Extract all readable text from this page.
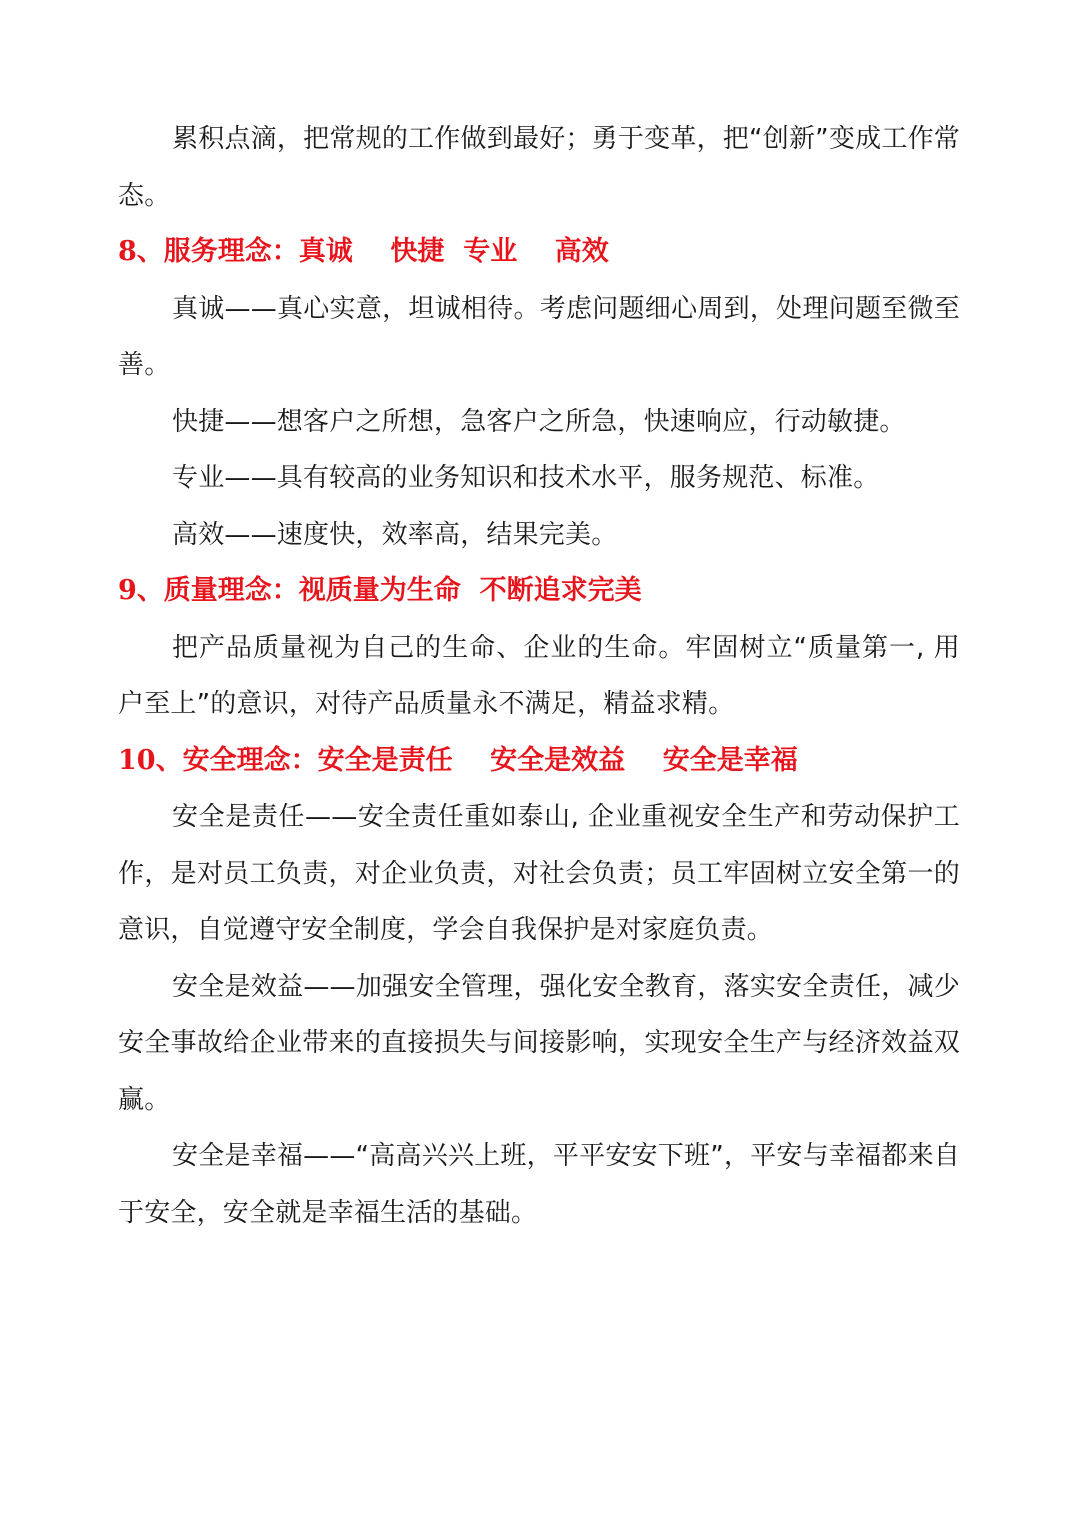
累积点滴，把常规的工作做到最好；勇于变革，把“创新”变成工作常态。

8、服务理念：真诚    快捷  专业    高效

真诚——真心实意，坦诚相待。考虑问题细心周到，处理问题至微至善。

快捷——想客户之所想，急客户之所急，快速响应，行动敏捷。

专业——具有较高的业务知识和技术水平，服务规范、标准。

高效——速度快，效率高，结果完美。

9、质量理念：视质量为生命  不断追求完美

把产品质量视为自己的生命、企业的生命。牢固树立“质量第一, 用户至上”的意识，对待产品质量永不满足，精益求精。

10、安全理念：安全是责任    安全是效益    安全是幸福

安全是责任——安全责任重如泰山, 企业重视安全生产和劳动保护工作，是对员工负责，对企业负责，对社会负责；员工牢固树立安全第一的意识，自觉遵守安全制度，学会自我保护是对家庭负责。

安全是效益——加强安全管理，强化安全教育，落实安全责任，减少安全事故给企业带来的直接损失与间接影响，实现安全生产与经济效益双赢。

安全是幸福——“高高兴兴上班，平平安安下班”，平安与幸福都来自于安全，安全就是幸福生活的基础。
